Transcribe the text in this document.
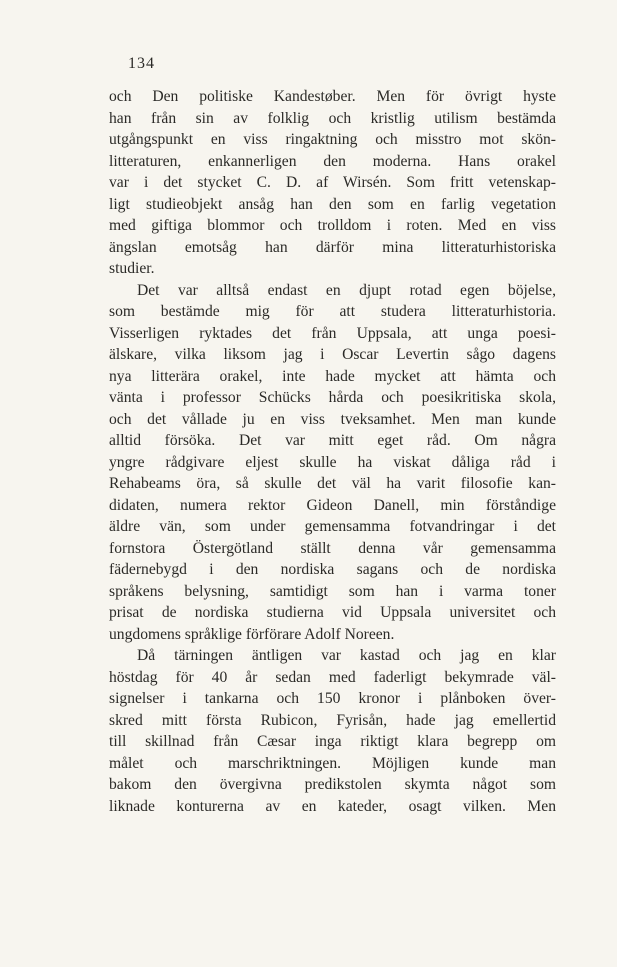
134
och Den politiske Kandestøber. Men för övrigt hyste
han från sin av folklig och kristlig utilism bestämda
utgångspunkt en viss ringaktning och misstro mot skön-
litteraturen, enkannerligen den moderna. Hans orakel
var i det stycket C. D. af Wirsén. Som fritt vetenskap-
ligt studieobjekt ansåg han den som en farlig vegetation
med giftiga blommor och trolldom i roten. Med en viss
ängslan emotsåg han därför mina litteraturhistoriska
studier.
Det var alltså endast en djupt rotad egen böjelse,
som bestämde mig för att studera litteraturhistoria.
Visserligen ryktades det från Uppsala, att unga poesi-
älskare, vilka liksom jag i Oscar Levertin sågo dagens
nya litterära orakel, inte hade mycket att hämta och
vänta i professor Schücks hårda och poesikritiska skola,
och det vållade ju en viss tveksamhet. Men man kunde
alltid försöka. Det var mitt eget råd. Om några
yngre rådgivare eljest skulle ha viskat dåliga råd i
Rehabeams öra, så skulle det väl ha varit filosofie kan-
didaten, numera rektor Gideon Danell, min förståndige
äldre vän, som under gemensamma fotvandringar i det
fornstora Östergötland ställt denna vår gemensamma
fädernebygd i den nordiska sagans och de nordiska
språkens belysning, samtidigt som han i varma toner
prisat de nordiska studierna vid Uppsala universitet och
ungdomens språklige förförare Adolf Noreen.
Då tärningen äntligen var kastad och jag en klar
höstdag för 40 år sedan med faderligt bekymrade väl-
signelser i tankarna och 150 kronor i plånboken över-
skred mitt första Rubicon, Fyrisån, hade jag emellertid
till skillnad från Cæsar inga riktigt klara begrepp om
målet och marschriktningen. Möjligen kunde man
bakom den övergivna predikstolen skymta något som
liknade konturerna av en kateder, osagt vilken. Men
